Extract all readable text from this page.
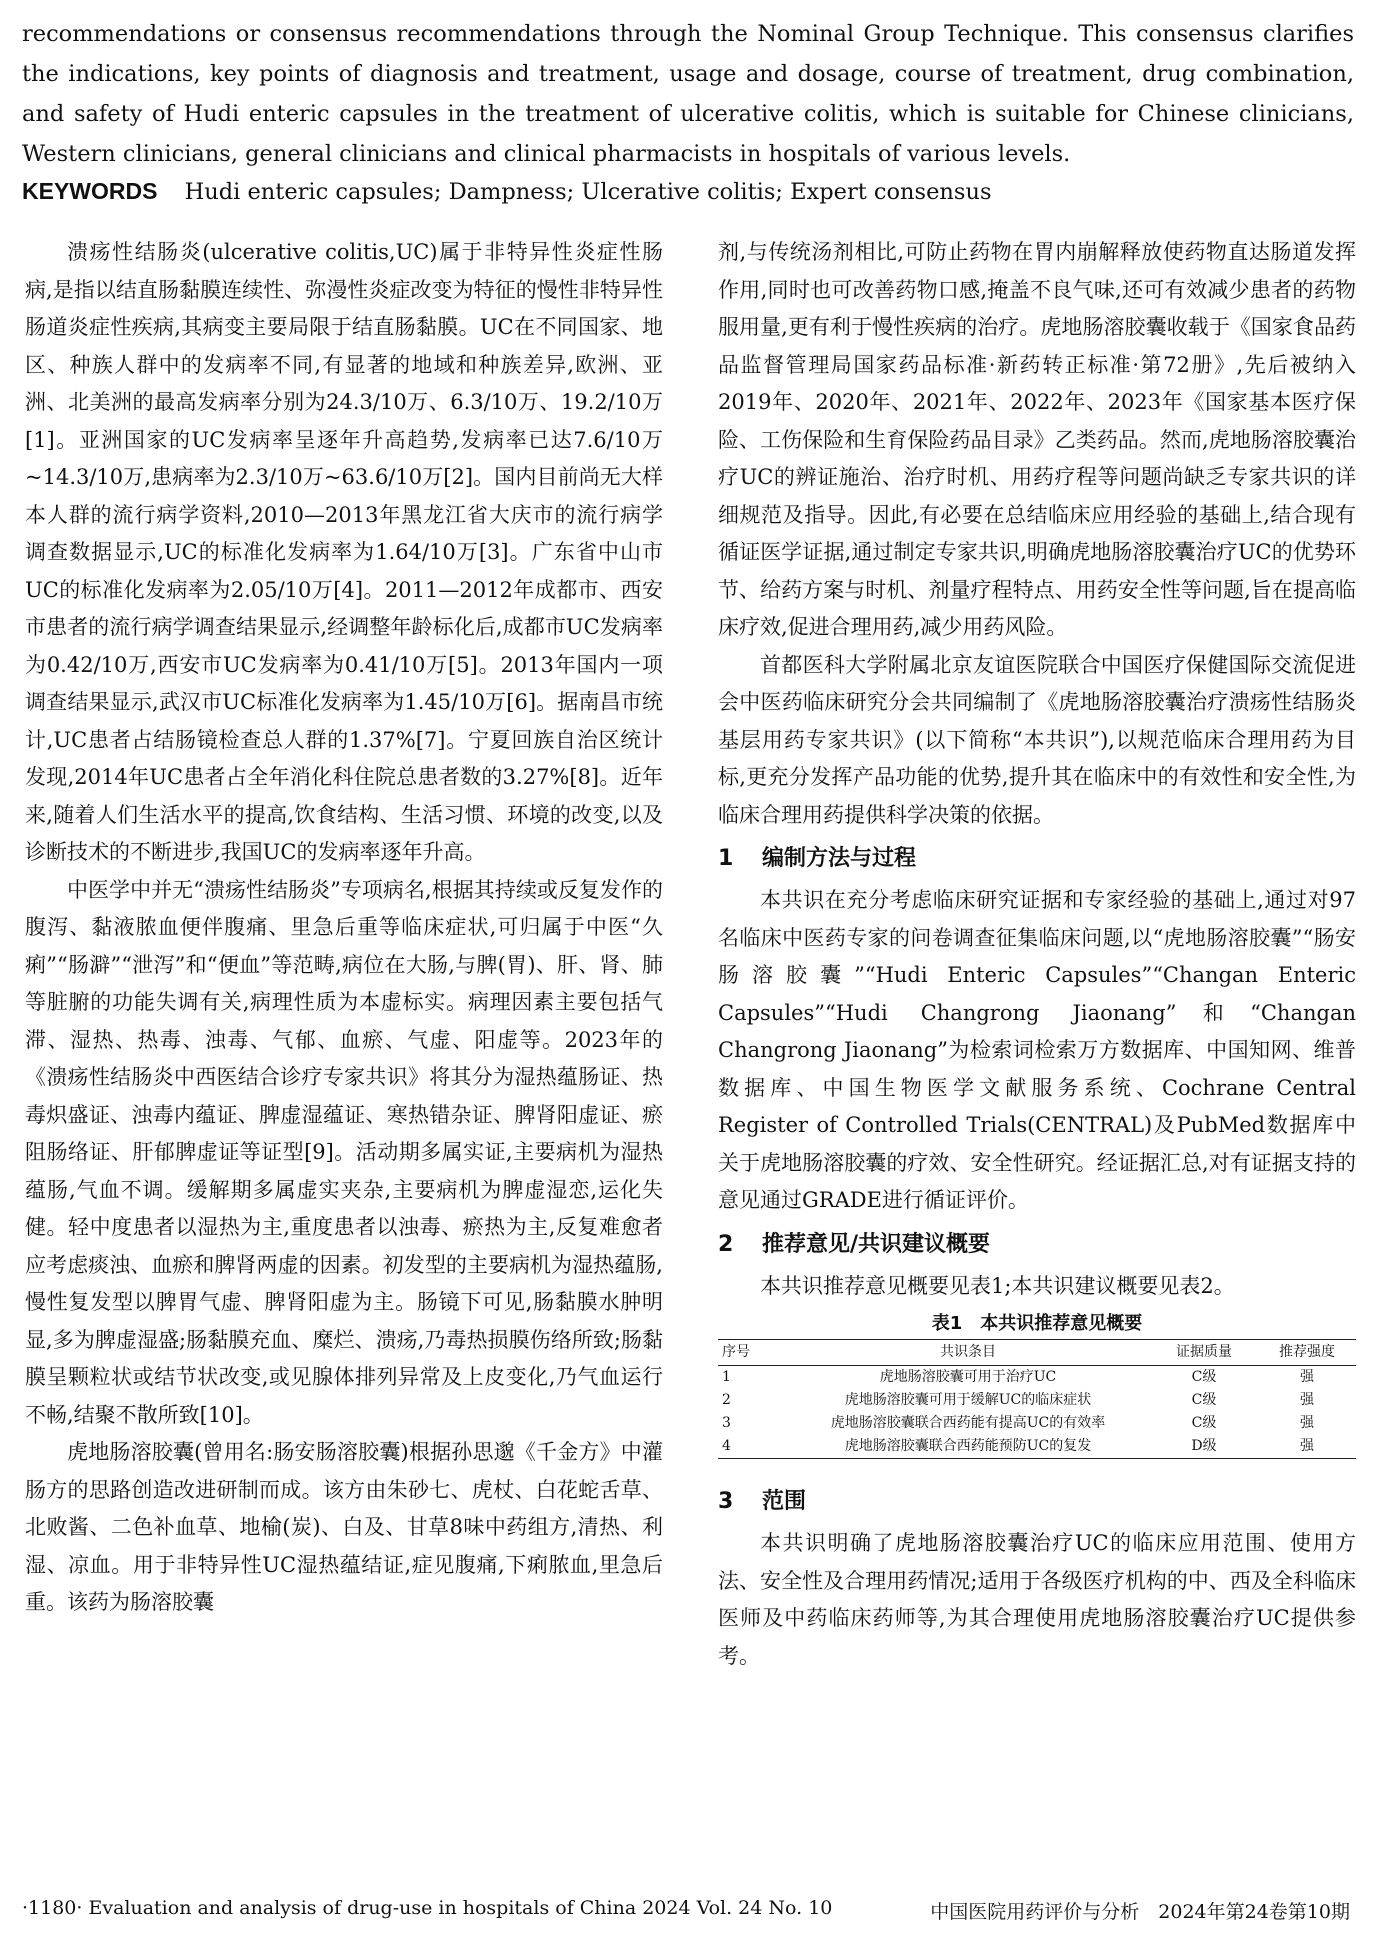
recommendations or consensus recommendations through the Nominal Group Technique. This consensus clarifies the indications, key points of diagnosis and treatment, usage and dosage, course of treatment, drug combination, and safety of Hudi enteric capsules in the treatment of ulcerative colitis, which is suitable for Chinese clinicians, Western clinicians, general clinicians and clinical pharmacists in hospitals of various levels.
KEYWORDS Hudi enteric capsules; Dampness; Ulcerative colitis; Expert consensus

溃疡性结肠炎(ulcerative colitis,UC)属于非特异性炎症性肠病,是指以结直肠黏膜连续性、弥漫性炎症改变为特征的慢性非特异性肠道炎症性疾病,其病变主要局限于结直肠黏膜。UC在不同国家、地区、种族人群中的发病率不同,有显著的地域和种族差异,欧洲、亚洲、北美洲的最高发病率分别为24.3/10万、6.3/10万、19.2/10万[1]。亚洲国家的UC发病率呈逐年升高趋势,发病率已达7.6/10万~14.3/10万,患病率为2.3/10万~63.6/10万[2]。国内目前尚无大样本人群的流行病学资料,2010—2013年黑龙江省大庆市的流行病学调查数据显示,UC的标准化发病率为1.64/10万[3]。广东省中山市UC的标准化发病率为2.05/10万[4]。2011—2012年成都市、西安市患者的流行病学调查结果显示,经调整年龄标化后,成都市UC发病率为0.42/10万,西安市UC发病率为0.41/10万[5]。2013年国内一项调查结果显示,武汉市UC标准化发病率为1.45/10万[6]。据南昌市统计,UC患者占结肠镜检查总人群的1.37%[7]。宁夏回族自治区统计发现,2014年UC患者占全年消化科住院总患者数的3.27%[8]。近年来,随着人们生活水平的提高,饮食结构、生活习惯、环境的改变,以及诊断技术的不断进步,我国UC的发病率逐年升高。

中医学中并无“溃疡性结肠炎”专项病名,根据其持续或反复发作的腹泻、黏液脓血便伴腹痛、里急后重等临床症状,可归属于中医“久痢”“肠澼”“泄泻”和“便血”等范畴,病位在大肠,与脾(胃)、肝、肾、肺等脏腑的功能失调有关,病理性质为本虚标实。病理因素主要包括气滞、湿热、热毒、浊毒、气郁、血瘀、气虚、阳虚等。2023年的《溃疡性结肠炎中西医结合诊疗专家共识》将其分为湿热蕴肠证、热毒炽盛证、浊毒内蕴证、脾虚湿蕴证、寒热错杂证、脾肾阳虚证、瘀阻肠络证、肝郁脾虚证等证型[9]。活动期多属实证,主要病机为湿热蕴肠,气血不调。缓解期多属虚实夹杂,主要病机为脾虚湿恋,运化失健。轻中度患者以湿热为主,重度患者以浊毒、瘀热为主,反复难愈者应考虑痰浊、血瘀和脾肾两虚的因素。初发型的主要病机为湿热蕴肠,慢性复发型以脾胃气虚、脾肾阳虚为主。肠镜下可见,肠黏膜水肿明显,多为脾虚湿盛;肠黏膜充血、糜烂、溃疡,乃毒热损膜伤络所致;肠黏膜呈颗粒状或结节状改变,或见腺体排列异常及上皮变化,乃气血运行不畅,结聚不散所致[10]。

虎地肠溶胶囊(曾用名:肠安肠溶胶囊)根据孙思邈《千金方》中灌肠方的思路创造改进研制而成。该方由朱砂七、虎杖、白花蛇舌草、北败酱、二色补血草、地榆(炭)、白及、甘草8味中药组方,清热、利湿、凉血。用于非特异性UC湿热蕴结证,症见腹痛,下痢脓血,里急后重。该药为肠溶胶囊

剂,与传统汤剂相比,可防止药物在胃内崩解释放使药物直达肠道发挥作用,同时也可改善药物口感,掩盖不良气味,还可有效减少患者的药物服用量,更有利于慢性疾病的治疗。虎地肠溶胶囊收载于《国家食品药品监督管理局国家药品标准·新药转正标准·第72册》,先后被纳入2019年、2020年、2021年、2022年、2023年《国家基本医疗保险、工伤保险和生育保险药品目录》乙类药品。然而,虎地肠溶胶囊治疗UC的辨证施治、治疗时机、用药疗程等问题尚缺乏专家共识的详细规范及指导。因此,有必要在总结临床应用经验的基础上,结合现有循证医学证据,通过制定专家共识,明确虎地肠溶胶囊治疗UC的优势环节、给药方案与时机、剂量疗程特点、用药安全性等问题,旨在提高临床疗效,促进合理用药,减少用药风险。

首都医科大学附属北京友谊医院联合中国医疗保健国际交流促进会中医药临床研究分会共同编制了《虎地肠溶胶囊治疗溃疡性结肠炎基层用药专家共识》(以下简称“本共识”),以规范临床合理用药为目标,更充分发挥产品功能的优势,提升其在临床中的有效性和安全性,为临床合理用药提供科学决策的依据。

1 编制方法与过程

本共识在充分考虑临床研究证据和专家经验的基础上,通过对97名临床中医药专家的问卷调查征集临床问题,以“虎地肠溶胶囊”“肠安肠溶胶囊”“Hudi Enteric Capsules”“Changan Enteric Capsules”“Hudi Changrong Jiaonang”和“Changan Changrong Jiaonang”为检索词检索万方数据库、中国知网、维普数据库、中国生物医学文献服务系统、Cochrane Central Register of Controlled Trials(CENTRAL)及PubMed数据库中关于虎地肠溶胶囊的疗效、安全性研究。经证据汇总,对有证据支持的意见通过GRADE进行循证评价。

2 推荐意见/共识建议概要

本共识推荐意见概要见表1;本共识建议概要见表2。

表1　本共识推荐意见概要
序号	共识条目	证据质量	推荐强度
1	虎地肠溶胶囊可用于治疗UC	C级	强
2	虎地肠溶胶囊可用于缓解UC的临床症状	C级	强
3	虎地肠溶胶囊联合西药能有提高UC的有效率	C级	强
4	虎地肠溶胶囊联合西药能预防UC的复发	D级	强
3 范围

本共识明确了虎地肠溶胶囊治疗UC的临床应用范围、使用方法、安全性及合理用药情况;适用于各级医疗机构的中、西及全科临床医师及中药临床药师等,为其合理使用虎地肠溶胶囊治疗UC提供参考。

·1180· Evaluation and analysis of drug-use in hospitals of China 2024 Vol. 24 No. 10	中国医院用药评价与分析　2024年第24卷第10期
